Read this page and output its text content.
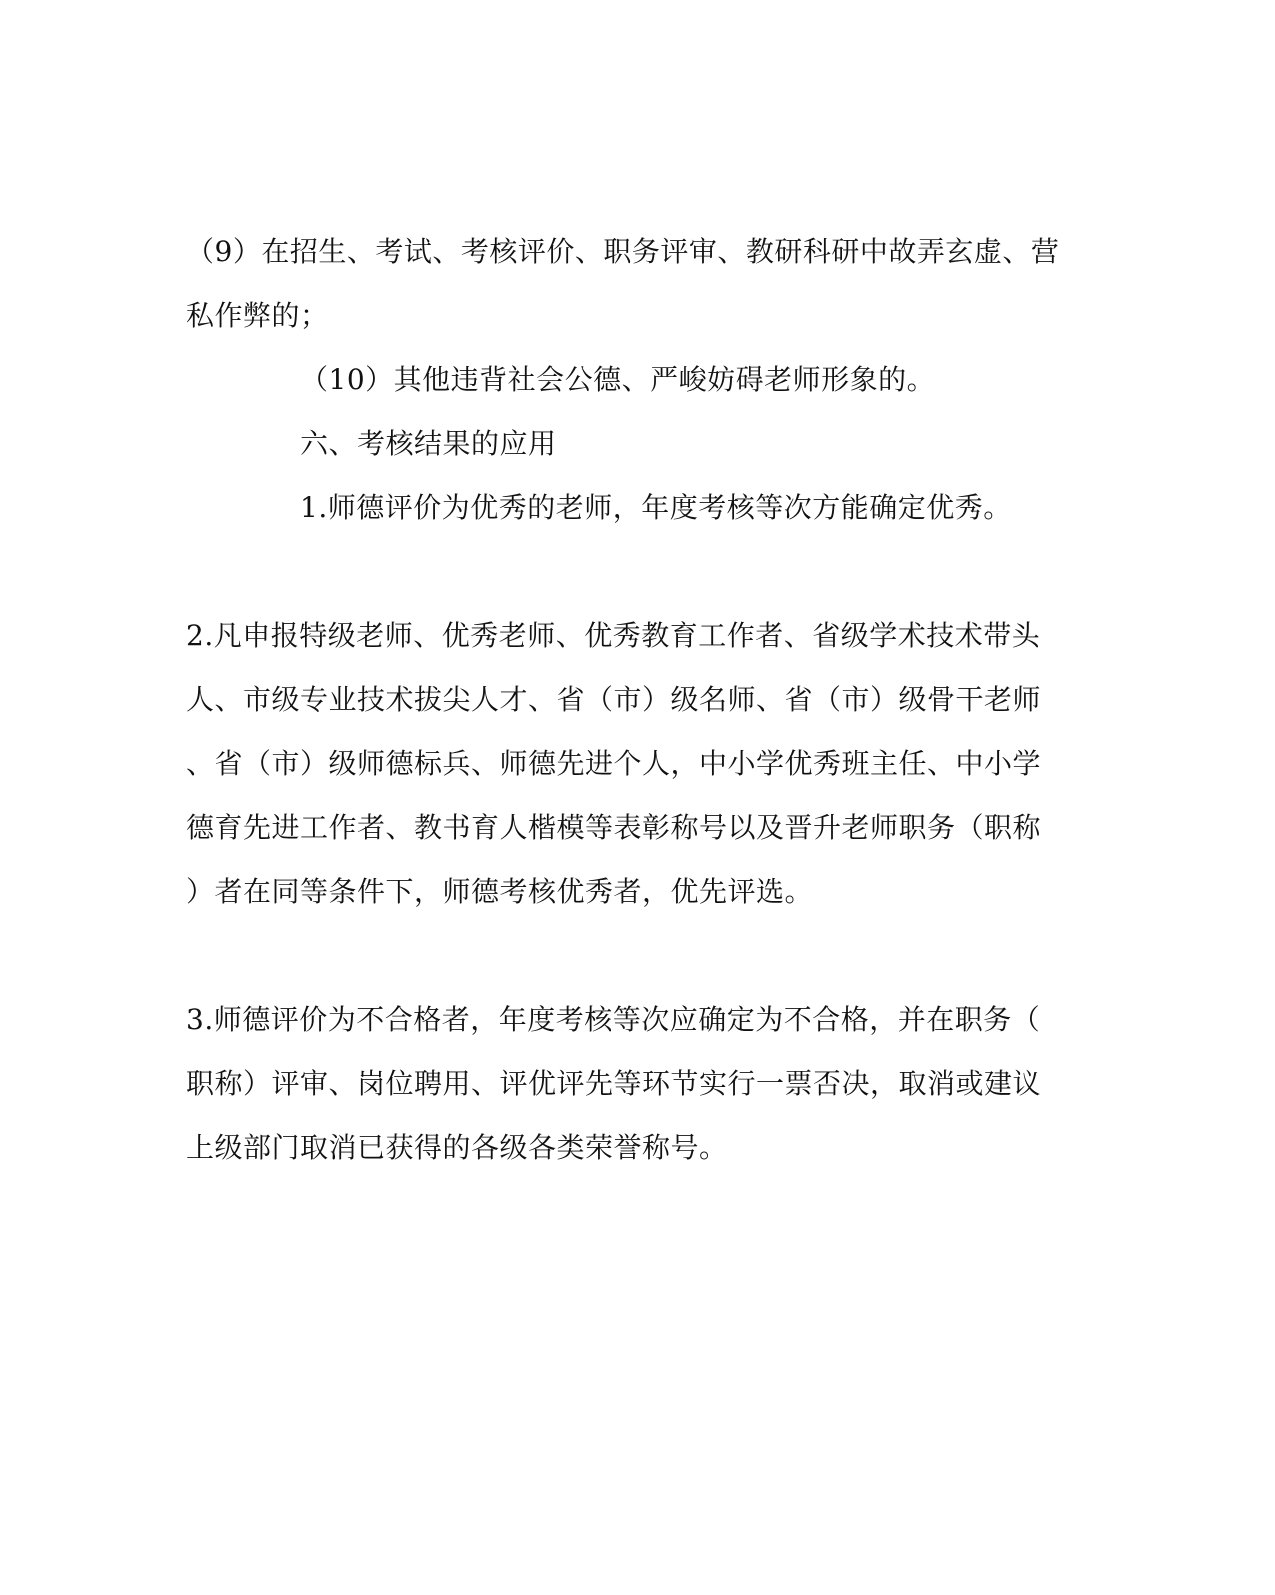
（9）在招生、考试、考核评价、职务评审、教研科研中故弄玄虚、营
私作弊的；
（10）其他违背社会公德、严峻妨碍老师形象的。
六、考核结果的应用
1.师德评价为优秀的老师，年度考核等次方能确定优秀。
2.凡申报特级老师、优秀老师、优秀教育工作者、省级学术技术带头
人、市级专业技术拔尖人才、省（市）级名师、省（市）级骨干老师
、省（市）级师德标兵、师德先进个人，中小学优秀班主任、中小学
德育先进工作者、教书育人楷模等表彰称号以及晋升老师职务（职称
）者在同等条件下，师德考核优秀者，优先评选。
3.师德评价为不合格者，年度考核等次应确定为不合格，并在职务（
职称）评审、岗位聘用、评优评先等环节实行一票否决，取消或建议
上级部门取消已获得的各级各类荣誉称号。
